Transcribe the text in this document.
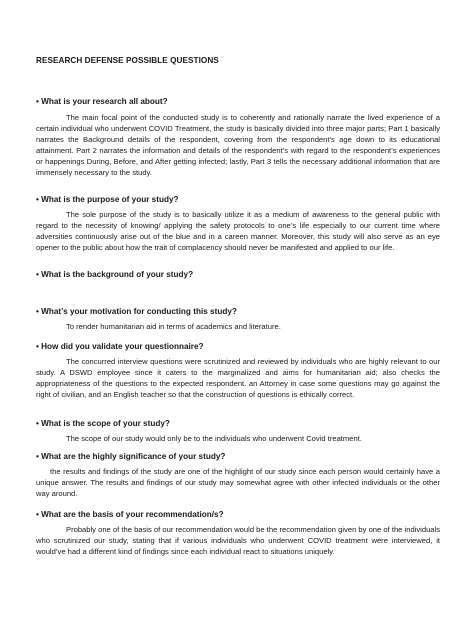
RESEARCH DEFENSE POSSIBLE QUESTIONS
• What is your research all about?

The main focal point of the conducted study is to coherently and rationally narrate the lived experience of a certain individual who underwent COVID Treatment, the study is basically divided into three major parts; Part 1 basically narrates the Background details of the respondent, covering from the respondent’s age down to its educational attainment. Part 2 narrates the information and details of the respondent’s with regard to the respondent’s experiences or happenings During, Before, and After getting infected; lastly, Part 3 tells the necessary additional information that are immensely necessary to the study.

• What is the purpose of your study?

The sole purpose of the study is to basically utilize it as a medium of awareness to the general public with regard to the necessity of knowing/ applying the safety protocols to one’s life especially to our current time where adversities continuously arise out of the blue and in a careen manner. Moreover, this study will also serve as an eye opener to the public about how the trait of complacency should never be manifested and applied to our life.

• What is the background of your study?
• What’s your motivation for conducting this study?

To render humanitarian aid in terms of academics and literature.

• How did you validate your questionnaire?

The concurred interview questions were scrutinized and reviewed by individuals who are highly relevant to our study. A DSWD employee since it caters to the marginalized and aims for humanitarian aid; also checks the appropriateness of the questions to the expected respondent. an Attorney in case some questions may go against the right of civilian, and an English teacher so that the construction of questions is ethically correct.

• What is the scope of your study?

The scope of our study would only be to the individuals who underwent Covid treatment.

• What are the highly significance of your study?

the results and findings of the study are one of the highlight of our study since each person would certainly have a unique answer. The results and findings of our study may somewhat agree with other infected individuals or the other way around.

• What are the basis of your recommendation/s?

Probably one of the basis of our recommendation would be the recommendation given by one of the individuals who scrutinized our study, stating that if various individuals who underwent COVID treatment were interviewed, it would’ve had a different kind of findings since each individual react to situations uniquely.
